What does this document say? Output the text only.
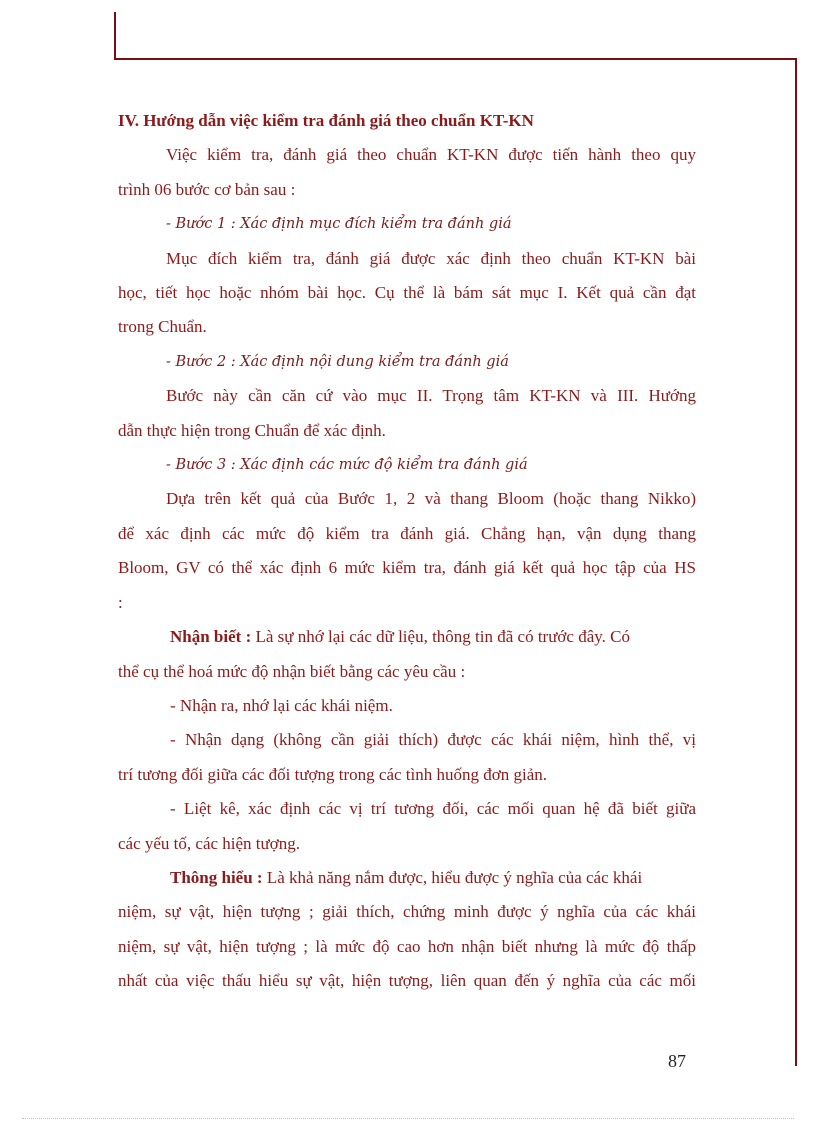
IV. Hướng dẫn việc kiểm tra đánh giá theo chuẩn KT-KN
Việc kiểm tra, đánh giá theo chuẩn KT-KN được tiến hành theo quy
trình 06 bước cơ bản sau :
- Bước 1 : Xác định mục đích kiểm tra đánh giá
Mục đích kiểm tra, đánh giá được xác định theo chuẩn KT-KN bài
học, tiết học hoặc nhóm bài học. Cụ thể là bám sát mục I. Kết quả cần đạt
trong Chuẩn.
- Bước 2 : Xác định nội dung kiểm tra đánh giá
Bước này cần căn cứ vào mục II. Trọng tâm KT-KN và III. Hướng
dẫn thực hiện trong Chuẩn để xác định.
- Bước 3 : Xác định các mức độ kiểm tra đánh giá
Dựa trên kết quả của Bước 1, 2 và thang Bloom (hoặc thang Nikko)
để xác định các mức độ kiểm tra đánh giá. Chẳng hạn, vận dụng thang
Bloom, GV có thể xác định 6 mức kiểm tra, đánh giá kết quả học tập của HS
:
Nhận biết : Là sự nhớ lại các dữ liệu, thông tin đã có trước đây. Có
thể cụ thể hoá mức độ nhận biết bằng các yêu cầu :
- Nhận ra, nhớ lại các khái niệm.
- Nhận dạng (không cần giải thích) được các khái niệm, hình thể, vị
trí tương đối giữa các đối tượng trong các tình huống đơn giản.
- Liệt kê, xác định các vị trí tương đối, các mối quan hệ đã biết giữa
các yếu tố, các hiện tượng.
Thông hiểu : Là khả năng nắm được, hiểu được ý nghĩa của các khái
niệm, sự vật, hiện tượng ; giải thích, chứng minh được ý nghĩa của các khái
niệm, sự vật, hiện tượng ; là mức độ cao hơn nhận biết nhưng là mức độ thấp
nhất của việc thấu hiểu sự vật, hiện tượng, liên quan đến ý nghĩa của các mối
87
